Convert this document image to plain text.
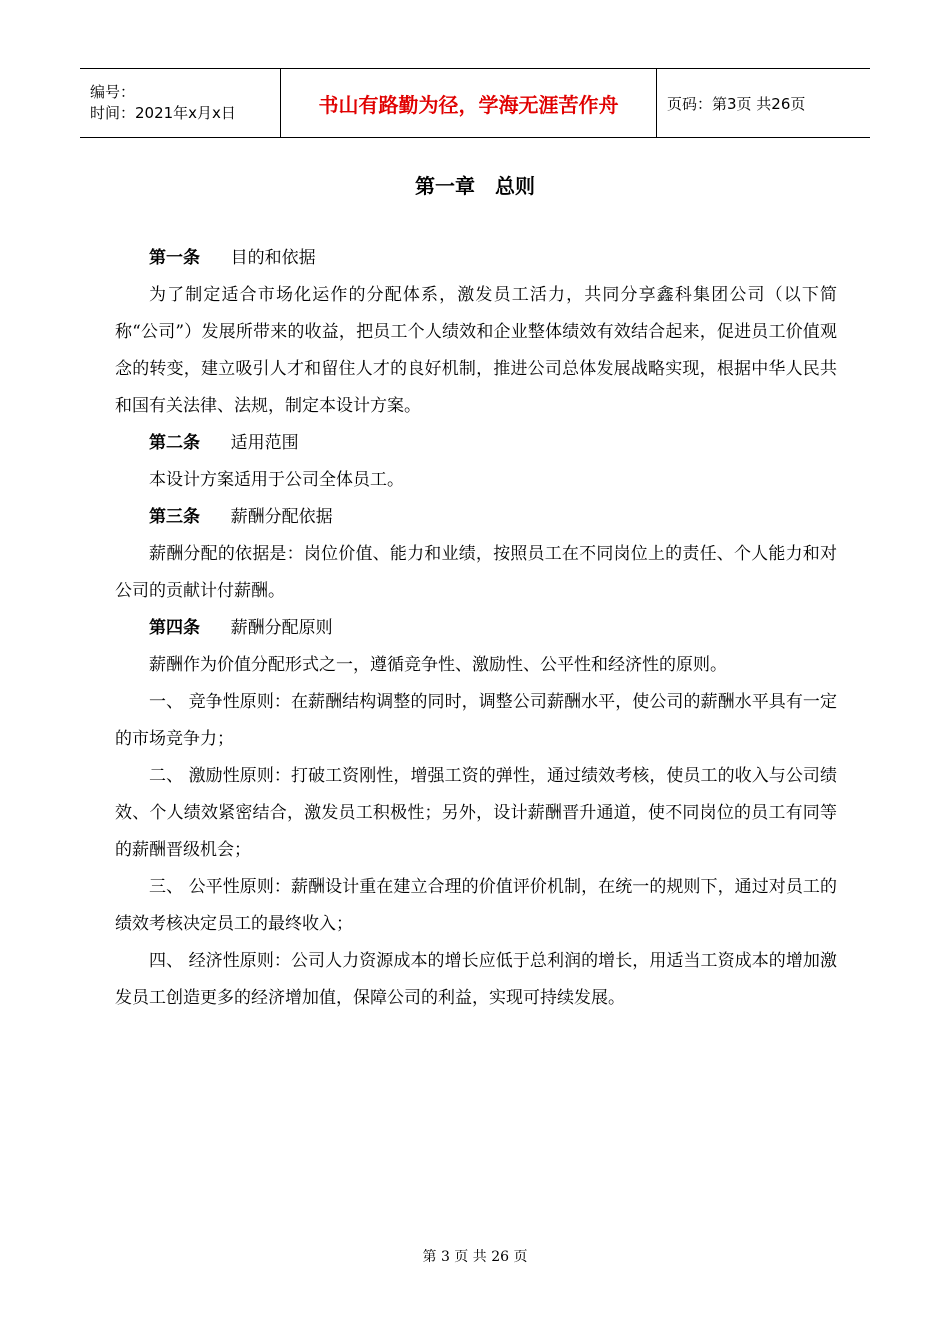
编号：
时间：2021年x月x日	书山有路勤为径，学海无涯苦作舟	页码：第3页 共26页
第一章　总则

第一条 目的和依据

为了制定适合市场化运作的分配体系，激发员工活力，共同分享鑫科集团公司（以下简称“公司”）发展所带来的收益，把员工个人绩效和企业整体绩效有效结合起来，促进员工价值观念的转变，建立吸引人才和留住人才的良好机制，推进公司总体发展战略实现，根据中华人民共和国有关法律、法规，制定本设计方案。

第二条 适用范围

本设计方案适用于公司全体员工。

第三条 薪酬分配依据

薪酬分配的依据是：岗位价值、能力和业绩，按照员工在不同岗位上的责任、个人能力和对公司的贡献计付薪酬。

第四条 薪酬分配原则

薪酬作为价值分配形式之一，遵循竞争性、激励性、公平性和经济性的原则。

一、 竞争性原则：在薪酬结构调整的同时，调整公司薪酬水平，使公司的薪酬水平具有一定的市场竞争力；

二、 激励性原则：打破工资刚性，增强工资的弹性，通过绩效考核，使员工的收入与公司绩效、个人绩效紧密结合，激发员工积极性；另外，设计薪酬晋升通道，使不同岗位的员工有同等的薪酬晋级机会；

三、 公平性原则：薪酬设计重在建立合理的价值评价机制，在统一的规则下，通过对员工的绩效考核决定员工的最终收入；

四、 经济性原则：公司人力资源成本的增长应低于总利润的增长，用适当工资成本的增加激发员工创造更多的经济增加值，保障公司的利益，实现可持续发展。

第 3 页 共 26 页
